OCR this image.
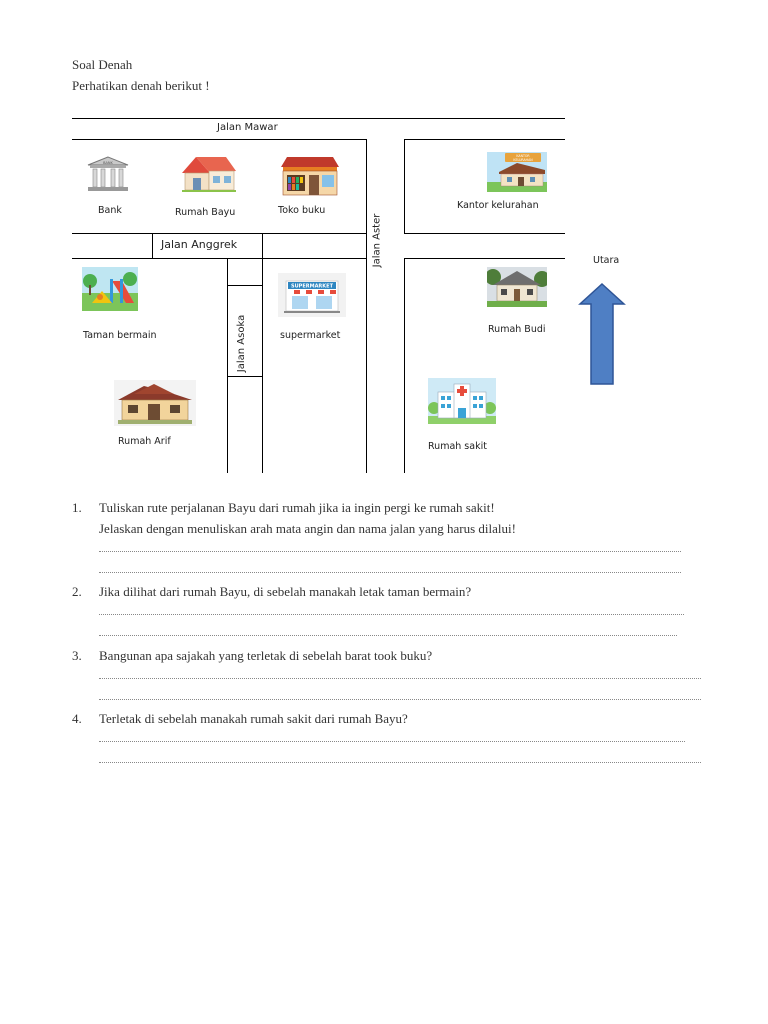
Soal Denah
Perhatikan denah berikut !
Jalan Mawar
Jalan Aster
Jalan Anggrek
Jalan Asoka
BANK
Bank	Rumah Bayu	Toko buku
KANTOR
KELURAHAN
Kantor kelurahan
Taman bermain
SUPERMARKET
supermarket
Rumah Budi
Utara
Rumah Arif	Rumah sakit
1. Tuliskan rute perjalanan Bayu dari rumah jika ia ingin pergi ke rumah sakit!
Jelaskan dengan menuliskan arah mata angin dan nama jalan yang harus dilalui!
2. Jika dilihat dari rumah Bayu, di sebelah manakah letak taman bermain?
3. Bangunan apa sajakah yang terletak di sebelah barat took buku?
4. Terletak di sebelah manakah rumah sakit dari rumah Bayu?
